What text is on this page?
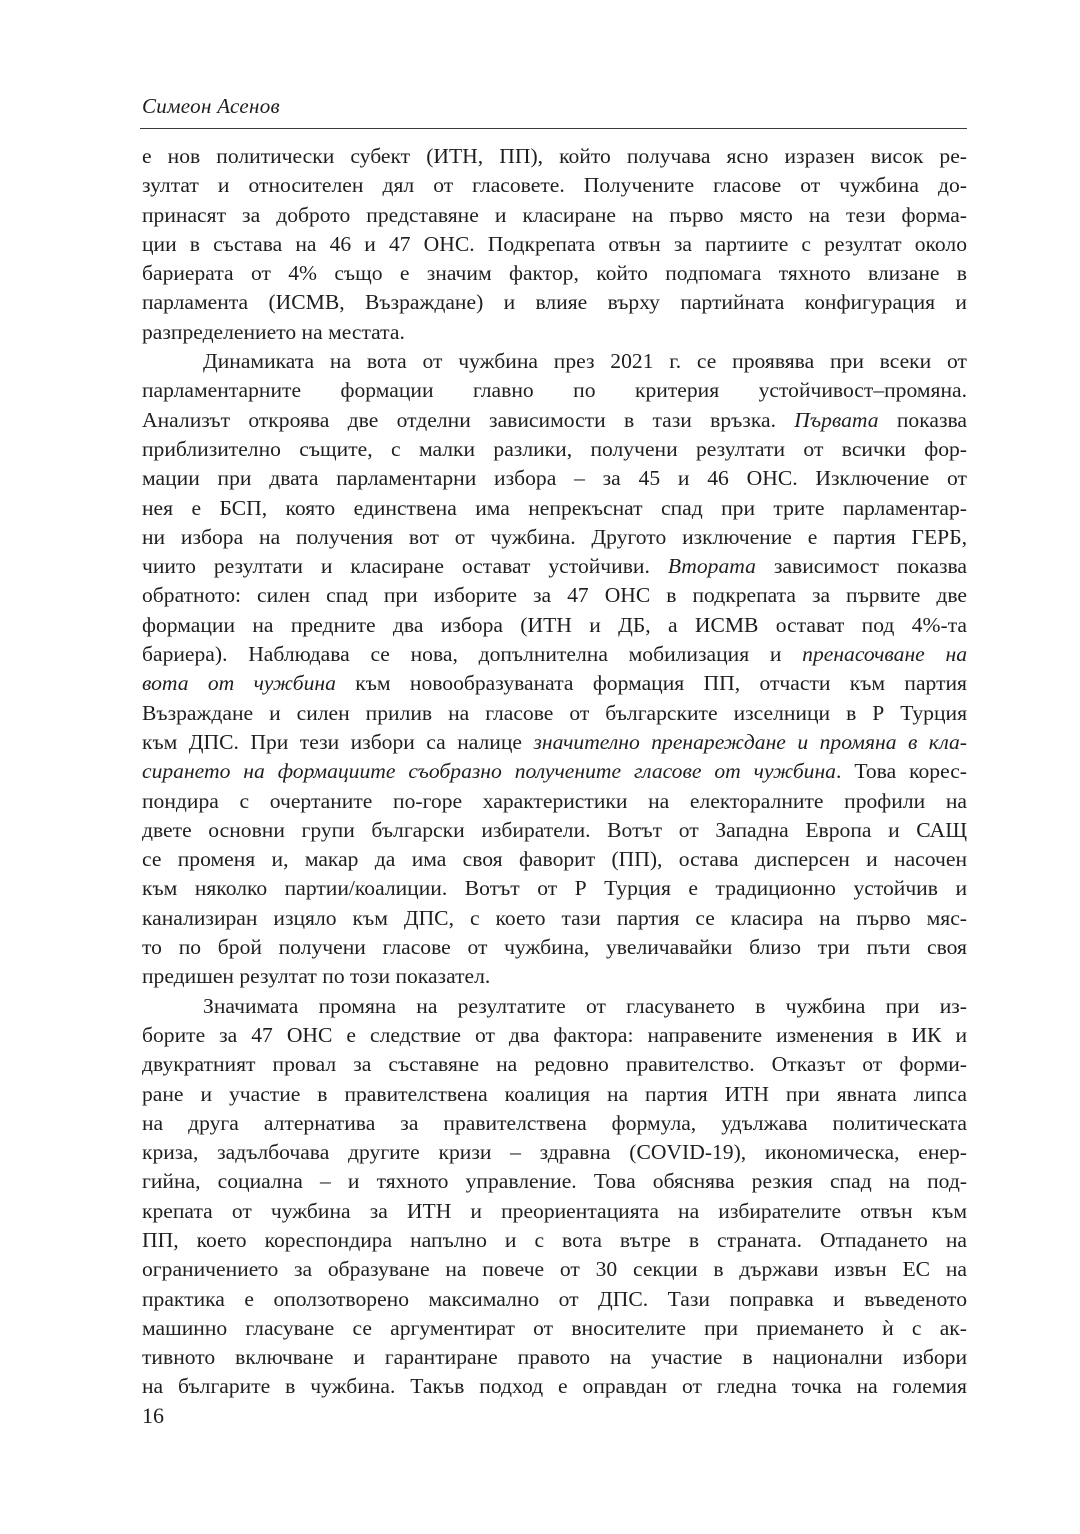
Симеон Асенов

е нов политически субект (ИТН, ПП), който получава ясно изразен висок ре-
зултат и относителен дял от гласовете. Получените гласове от чужбина до-
принасят за доброто представяне и класиране на първо място на тези форма-
ции в състава на 46 и 47 ОНС. Подкрепата отвън за партиите с резултат около
бариерата от 4% също е значим фактор, който подпомага тяхното влизане в
парламента (ИСМВ, Възраждане) и влияе върху партийната конфигурация и
разпределението на местата.

Динамиката на вота от чужбина през 2021 г. се проявява при всеки от
парламентарните формации главно по критерия устойчивост–промяна.
Анализът откроява две отделни зависимости в тази връзка. Първата показва
приблизително същите, с малки разлики, получени резултати от всички фор-
мации при двата парламентарни избора – за 45 и 46 ОНС. Изключение от
нея е БСП, която единствена има непрекъснат спад при трите парламентар-
ни избора на получения вот от чужбина. Другото изключение е партия ГЕРБ,
чиито резултати и класиране остават устойчиви. Втората зависимост показва
обратното: силен спад при изборите за 47 ОНС в подкрепата за първите две
формации на предните два избора (ИТН и ДБ, а ИСМВ остават под 4%-та
бариера). Наблюдава се нова, допълнителна мобилизация и пренасочване на
вота от чужбина към новообразуваната формация ПП, отчасти към партия
Възраждане и силен прилив на гласове от българските изселници в Р Турция
към ДПС. При тези избори са налице значително пренареждане и промяна в кла-
сирането на формациите съобразно получените гласове от чужбина. Това корес-
пондира с очертаните по-горе характеристики на електоралните профили на
двете основни групи български избиратели. Вотът от Западна Европа и САЩ
се променя и, макар да има своя фаворит (ПП), остава дисперсен и насочен
към няколко партии/коалиции. Вотът от Р Турция е традиционно устойчив и
канализиран изцяло към ДПС, с което тази партия се класира на първо мяс-
то по брой получени гласове от чужбина, увеличавайки близо три пъти своя
предишен резултат по този показател.

Значимата промяна на резултатите от гласуването в чужбина при из-
борите за 47 ОНС е следствие от два фактора: направените изменения в ИК и
двукратният провал за съставяне на редовно правителство. Отказът от форми-
ране и участие в правителствена коалиция на партия ИТН при явната липса
на друга алтернатива за правителствена формула, удължава политическата
криза, задълбочава другите кризи – здравна (COVID-19), икономическа, енер-
гийна, социална – и тяхното управление. Това обяснява резкия спад на под-
крепата от чужбина за ИТН и преориентацията на избирателите отвън към
ПП, което кореспондира напълно и с вота вътре в страната. Отпадането на
ограничението за образуване на повече от 30 секции в държави извън ЕС на
практика е оползотворено максимално от ДПС. Тази поправка и въведеното
машинно гласуване се аргументират от вносителите при приемането ѝ с ак-
тивното включване и гарантиране правото на участие в национални избори
на българите в чужбина. Такъв подход е оправдан от гледна точка на големия

16
